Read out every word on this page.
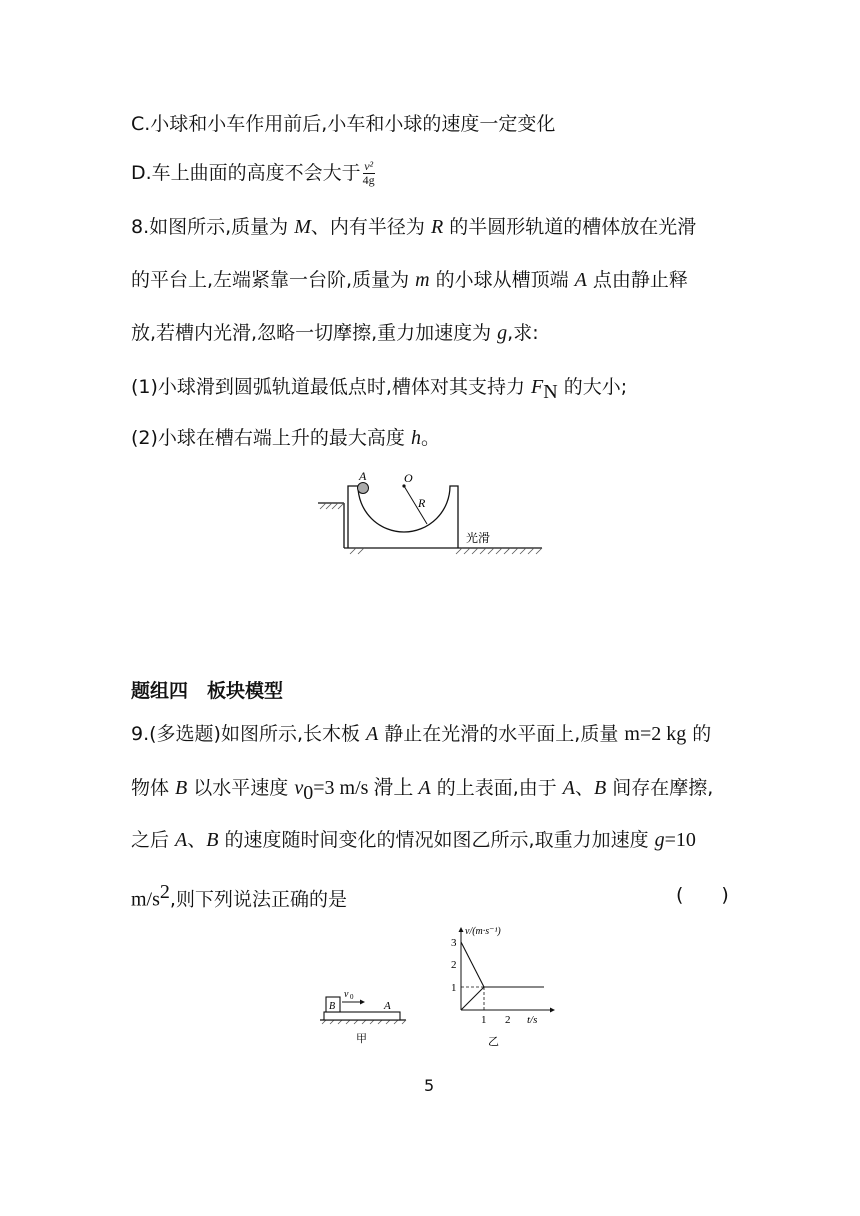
C.小球和小车作用前后,小车和小球的速度一定变化
D.车上曲面的高度不会大于 $\frac{\text{v²}}{4g}$
8.如图所示,质量为 M、内有半径为 R 的半圆形轨道的槽体放在光滑
的平台上,左端紧靠一台阶,质量为 m 的小球从槽顶端 A 点由静止释
放,若槽内光滑,忽略一切摩擦,重力加速度为 g,求:
(1)小球滑到圆弧轨道最低点时,槽体对其支持力 $F_N$ 的大小;
(2)小球在槽右端上升的最大高度 h。
A	O
R
光滑
题组四　板块模型
9.(多选题)如图所示,长木板 A 静止在光滑的水平面上,质量 m=2 kg 的
物体 B 以水平速度 $v_0=3$ m/s 滑上 A 的上表面,由于 A、B 间存在摩擦,
之后 A、B 的速度随时间变化的情况如图乙所示,取重力加速度 g=10
$m/s^2$,则下列说法正确的是	(　　)
B
v 0
A
甲
3
2
1
1 2 t/s
v/(m·s⁻¹)
乙
5
